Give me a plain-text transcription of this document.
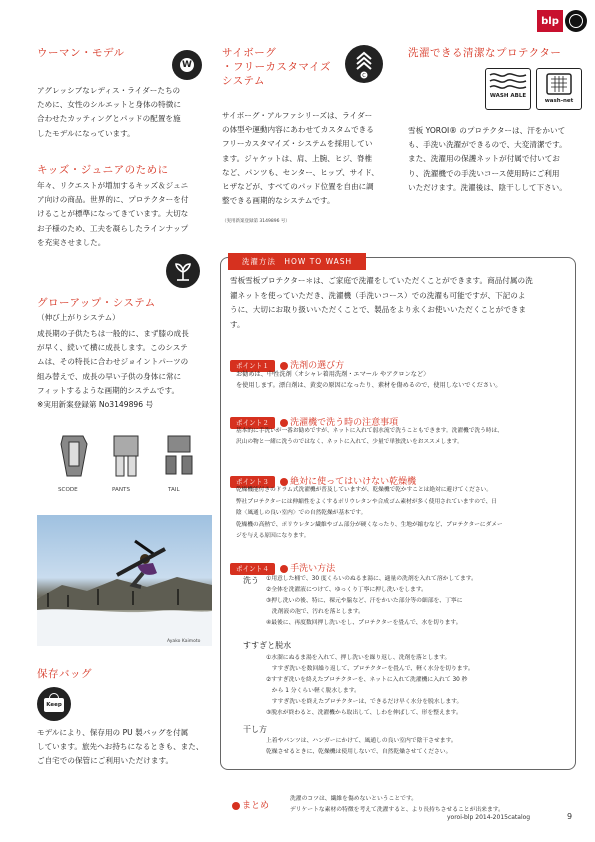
blp
ウーマン・モデル
W
アグレッシブなレディス・ライダーたちの
ために、女性のシルエットと身体の特徴に
合わせたカッティングとパッドの配置を施
したモデルになっています。
キッズ・ジュニアのために
年々、リクエストが増加するキッズ＆ジュニ
ア向けの商品。世界的に、プロテクターを付
けることが標準になってきています。大切な
お子様のため、工夫を凝らしたラインナップ
を充実させました。
グローアップ・システム
（伸び上がりシステム）
成長期の子供たちは一般的に、まず膝の成長
が早く、続いて横に成長します。このシステ
ムは、その特長に合わせジョイントパーツの
組み替えで、成長の早い子供の身体に常に
フィットするような画期的システムです。
※実用新案登録第 No3149896 号
SCODE	PANTS	TAIL
Ayako Kaimoto
保存バッグ
Keep
モデルにより、保存用の PU 製バッグを付属
しています。旅先へお持ちになるときも、また、
ご自宅での保管にご利用いただけます。
サイボーグ
・フリーカスタマイズ
システム	C
サイボーグ・アルファシリーズは、ライダー
の体型や運動内容にあわせてカスタムできる
フリーカスタマイズ・システムを採用してい
ます。ジャケットは、肩、上腕、ヒジ、脊椎
など、パンツも、センター、ヒップ、サイド、
ヒザなどが、すべてのパッド位置を自由に調
整できる画期的なシステムです。
（実用新案登録第 3149896 号）
洗濯できる清潔なプロテクター
WASH ABLE
wash-net
雪板 YOROI® のプロテクターは、汗をかいて
も、手洗い洗濯ができるので、大変清潔です。
また、洗濯用の保護ネットが付属で付いてお
り、洗濯機での手洗いコース使用時にご利用
いただけます。洗濯後は、陰干しして下さい。
洗濯方法　HOW TO WASH
雪板雪板プロテクター＊は、ご家庭で洗濯をしていただくことができます。商品付属の洗
濯ネットを使っていただき、洗濯機（手洗いコース）での洗濯も可能ですが、下記のよ
うに、大切にお取り扱いいただくことで、製品をより永くお使いいただくことができま
す。
ポイント１ 洗剤の選び方
お勧めは、中性洗剤〈オシャレ着用洗剤・エマール やアクロンなど〉
を使用します。漂白剤は、黄変の原因になったり、素材を傷めるので、使用しないでください。
ポイント２ 洗濯機で洗う時の注意事項
基本的に手洗いが一番お勧めですが、ネットに入れて弱水流で洗うこともできます。洗濯機で洗う時は、
沢山の物と一緒に洗うのではなく、ネットに入れて、少量で単独洗いをおススメします。
ポイント３ 絶対に使ってはいけない乾燥機
乾燥機能付きのドラム式洗濯機が普及していますが、乾燥機で乾かすことは絶対に避けてください。
弊社プロテクターには伸縮性をよくするポリウレタンや合成ゴム素材が多く使用されていますので、日
陰〈風通しの良い室内〉での自然乾燥が基本です。
乾燥機の高熱で、ポリウレタン繊維やゴム部分が硬くなったり、生地が縮むなど、プロテクターにダメー
ジを与える原因になります。
ポイント４ 手洗い方法
洗う ①用意した桶で、30 度くらいのぬるま湯に、適量の洗剤を入れて溶かしてます。
②全体を洗濯液につけて、ゆっくり丁寧に押し洗いをします。
③押し洗いの後、特に、裸元や脇など、汗をかいた部分等の細部を、丁寧に
　洗剤液の泡で、汚れを落とします。
④最後に、再度数回押し洗いをし、プロテクターを畳んで、水を切ります。
すすぎと脱水
①水溜にぬるま湯を入れて、押し洗いを繰り返し、洗剤を落とします。
　すすぎ洗いを数回繰り返して、プロテクターを畳んで、軽く水分を切ります。
②すすぎ洗いを終えたプロテクターを、ネットに入れて洗濯機に入れて 30 秒
　から 1 分くらい軽く脱水します。
　すすぎ洗いを終えたプロテクターは、できるだけ早く水分を脱水します。
③脱水が終わると、洗濯機から取出して、しわを伸ばして、形を整えます。
干し方
上着やパンツは、ハンガーにかけて、風通しの良い室内で陰干させます。
乾燥させるときに、乾燥機は使用しないで、自然乾燥させてください。
まとめ
洗濯のコツは、繊維を傷めないということです。
デリケートな素材の特徴を考えて洗濯すると、より長持ちさせることが出来ます。
yoroi-blp 2014-2015catalog	9
